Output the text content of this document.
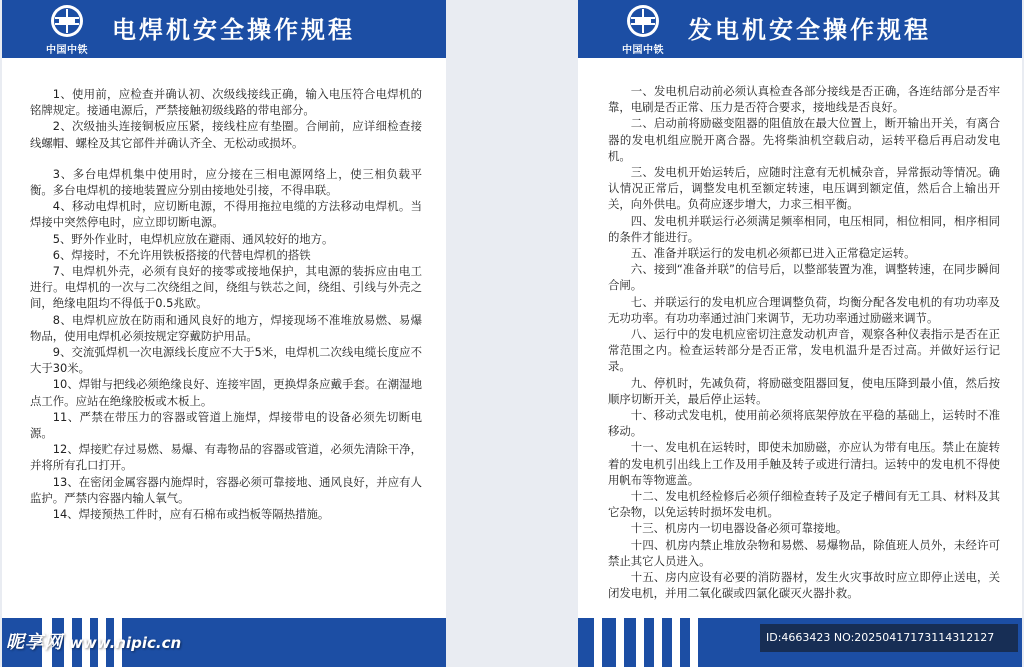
中国中铁
电焊机安全操作规程

1、使用前，应检查并确认初、次级线接线正确，输入电压符合电焊机的铭牌规定。接通电源后，严禁接触初级线路的带电部分。

2、次级抽头连接铜板应压紧，接线柱应有垫圈。合闸前，应详细检查接线螺帽、螺栓及其它部件并确认齐全、无松动或损坏。

3、多台电焊机集中使用时，应分接在三相电源网络上，使三相负载平衡。多台电焊机的接地装置应分别由接地处引接，不得串联。

4、移动电焊机时，应切断电源，不得用拖拉电缆的方法移动电焊机。当焊接中突然停电时，应立即切断电源。

5、野外作业时，电焊机应放在避雨、通风较好的地方。

6、焊接时，不允许用铁板搭接的代替电焊机的搭铁

7、电焊机外壳，必须有良好的接零或接地保护，其电源的装拆应由电工进行。电焊机的一次与二次绕组之间，绕组与铁芯之间，绕组、引线与外壳之间，绝缘电阻均不得低于0.5兆欧。

8、电焊机应放在防雨和通风良好的地方，焊接现场不准堆放易燃、易爆物品，使用电焊机必须按规定穿戴防护用品。

9、交流弧焊机一次电源线长度应不大于5米，电焊机二次线电缆长度应不大于30米。

10、焊钳与把线必须绝缘良好、连接牢固，更换焊条应戴手套。在潮湿地点工作。应站在绝缘胶板或木板上。

11、严禁在带压力的容器或管道上施焊，焊接带电的设备必须先切断电源。

12、焊接贮存过易燃、易爆、有毒物品的容器或管道，必须先清除干净，并将所有孔口打开。

13、在密闭金属容器内施焊时，容器必须可靠接地、通风良好，并应有人监护。严禁内容器内输人氧气。

14、焊接预热工件时，应有石棉布或挡板等隔热措施。

中国中铁
发电机安全操作规程

一、发电机启动前必须认真检查各部分接线是否正确，各连结部分是否牢靠，电刷是否正常、压力是否符合要求，接地线是否良好。

二、启动前将励磁变阻器的阻值放在最大位置上，断开输出开关，有离合器的发电机组应脱开离合器。先将柴油机空载启动，运转平稳后再启动发电机。

三、发电机开始运转后，应随时注意有无机械杂音，异常振动等情况。确认情况正常后，调整发电机至额定转速，电压调到额定值，然后合上输出开关，向外供电。负荷应逐步增大，力求三相平衡。

四、发电机并联运行必须满足频率相同，电压相同，相位相同，相序相同的条件才能进行。

五、准备并联运行的发电机必须都已进入正常稳定运转。

六、接到“准备并联”的信号后，以整部装置为准，调整转速，在同步瞬间合闸。

七、并联运行的发电机应合理调整负荷，均衡分配各发电机的有功功率及无功功率。有功功率通过油门来调节，无功功率通过励磁来调节。

八、运行中的发电机应密切注意发动机声音，观察各种仪表指示是否在正常范围之内。检查运转部分是否正常，发电机温升是否过高。并做好运行记录。

九、停机时，先减负荷，将励磁变阻器回复，使电压降到最小值，然后按顺序切断开关，最后停止运转。

十、移动式发电机，使用前必须将底架停放在平稳的基础上，运转时不准移动。

十一、发电机在运转时，即使未加励磁，亦应认为带有电压。禁止在旋转着的发电机引出线上工作及用手触及转子或进行清扫。运转中的发电机不得使用帆布等物遮盖。

十二、发电机经检修后必须仔细检查转子及定子槽间有无工具、材料及其它杂物，以免运转时损坏发电机。

十三、机房内一切电器设备必须可靠接地。

十四、机房内禁止堆放杂物和易燃、易爆物品，除值班人员外，未经许可禁止其它人员进入。

十五、房内应设有必要的消防器材，发生火灾事故时应立即停止送电，关闭发电机，并用二氧化碳或四氯化碳灭火器扑救。

昵享网 www.nipic.cn	ID:4663423 NO:20250417173114312127
